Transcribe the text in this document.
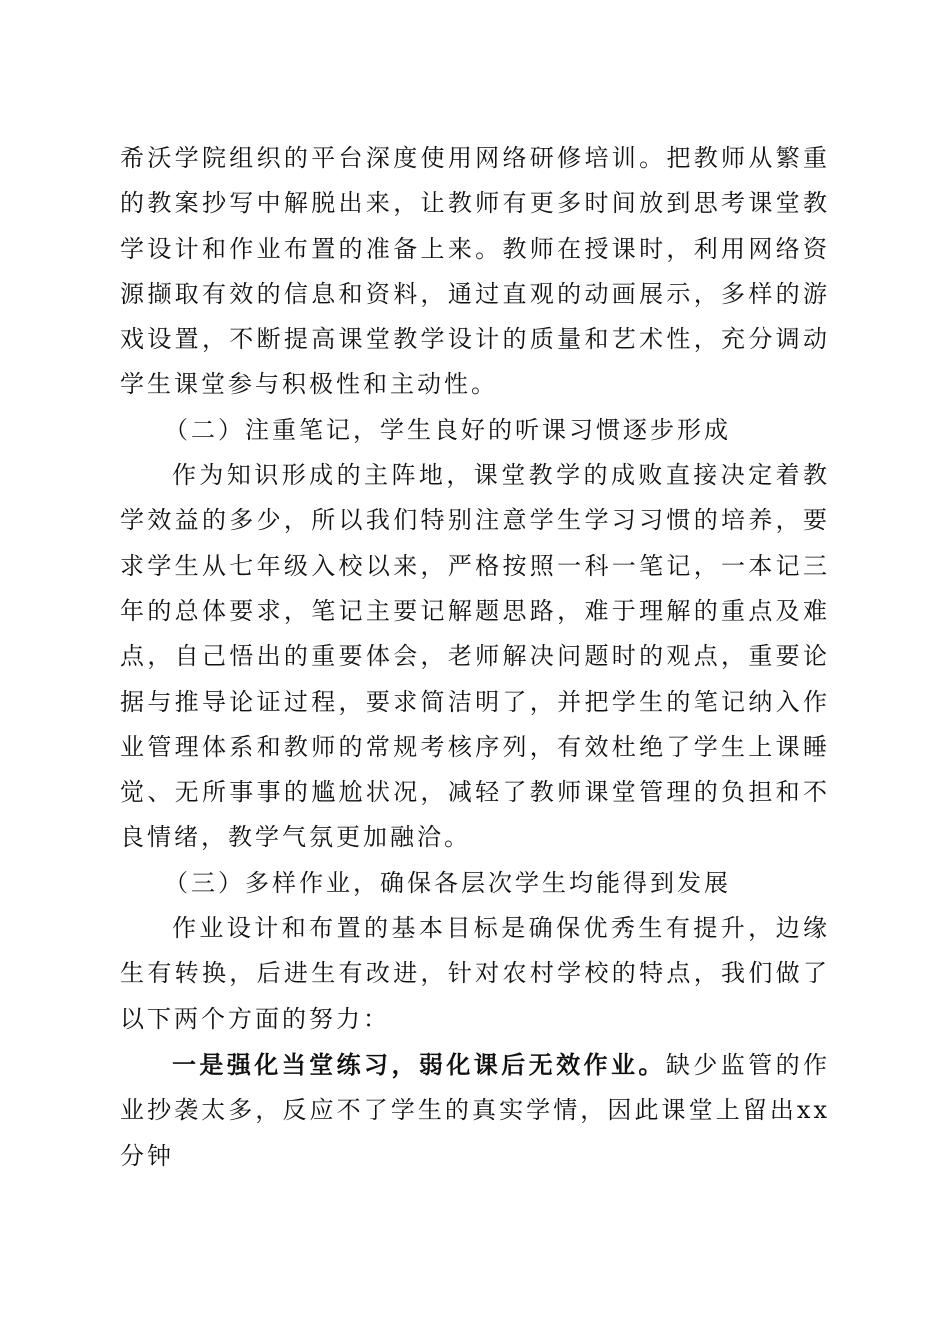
希沃学院组织的平台深度使用网络研修培训。把教师从繁重的教案抄写中解脱出来，让教师有更多时间放到思考课堂教学设计和作业布置的准备上来。教师在授课时，利用网络资源撷取有效的信息和资料，通过直观的动画展示，多样的游戏设置，不断提高课堂教学设计的质量和艺术性，充分调动学生课堂参与积极性和主动性。

（二）注重笔记，学生良好的听课习惯逐步形成

作为知识形成的主阵地，课堂教学的成败直接决定着教学效益的多少，所以我们特别注意学生学习习惯的培养，要求学生从七年级入校以来，严格按照一科一笔记，一本记三年的总体要求，笔记主要记解题思路，难于理解的重点及难点，自己悟出的重要体会，老师解决问题时的观点，重要论据与推导论证过程，要求简洁明了，并把学生的笔记纳入作业管理体系和教师的常规考核序列，有效杜绝了学生上课睡觉、无所事事的尴尬状况，减轻了教师课堂管理的负担和不良情绪，教学气氛更加融洽。

（三）多样作业，确保各层次学生均能得到发展

作业设计和布置的基本目标是确保优秀生有提升，边缘生有转换，后进生有改进，针对农村学校的特点，我们做了以下两个方面的努力：

一是强化当堂练习，弱化课后无效作业。缺少监管的作业抄袭太多，反应不了学生的真实学情，因此课堂上留出xx分钟
